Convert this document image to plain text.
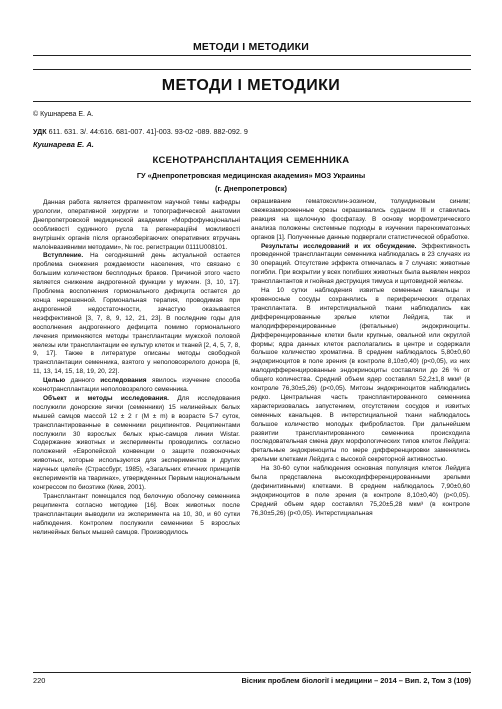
МЕТОДИ І МЕТОДИКИ
МЕТОДИ І МЕТОДИКИ
© Кушнарева Е. А.
УДК 611. 631. 3/. 44:616. 681-007. 41]-003. 93-02 -089. 882-092. 9
Кушнарева Е. А.
КСЕНОТРАНСПЛАНТАЦИЯ СЕМЕННИКА
ГУ «Днепропетровская медицинская академия» МОЗ Украины
(г. Днепропетровск)

Данная работа является фрагментом научной темы кафедры урологии, оперативной хирургии и топографической анатомии Днепропетровской медицинской академии «Морфофункціональні особливості судинного русла та регенераційні можливості внутрішніх органів після органозберігаючих оперативних втручань малоінвазивними методами», № гос. регистрации 0111U008101.

Вступление. На сегодняшний день актуальной остается проблема снижения рождаемости населения, что связано с большим количеством бесплодных браков. Причиной этого часто является снижение андрогенной функции у мужчин. [3, 10, 17]. Проблема восполнения гормонального дефицита остается до конца нерешенной. Гормональная терапия, проводимая при андрогенной недостаточности, зачастую оказывается неэффективной [3, 7, 8, 9, 12, 21, 23]. В последние годы для восполнения андрогенного дефицита помимо гормонального лечения применяются методы трансплантации мужской половой железы или трансплантации ее культур клеток и тканей [2, 4, 5, 7, 8, 9, 17]. Также в литературе описаны методы свободной трансплантации семенника, взятого у неполовозрелого донора [6, 11, 13, 14, 15, 18, 19, 20, 22].

Целью данного исследования явилось изучение способа ксенотрансплантации неполовозрелого семенника.

Объект и методы исследования. Для исследования послужили донорские яички (семенники) 15 нелинейных белых мышей самцов массой 12 ± 2 г (M ± m) в возрасте 5-7 суток, трансплантированные в семенники реципиентов. Реципиентами послужили 30 взрослых белых крыс-самцов линии Wistar. Содержание животных и эксперименты проводились согласно положений «Европейской конвенции о защите позвоночных животных, которые используются для экспериментов и других научных целей» (Страссбург, 1985), «Загальних етичних принципів експериментів на тваринах», утвержденных Первым национальным конгрессом по биоэтике (Киев, 2001).

Трансплантант помещался под белочную оболочку семенника реципиента согласно методике [16]. Всех животных после трансплантации выводили из эксперимента на 10, 30, и 60 сутки наблюдения. Контролем послужили семенники 5 взрослых нелинейных белых мышей самцов. Производилось

окрашивание гематоксилин-эозином, толуидиновым синим; свежезамороженные срезы окрашивались суданом III и ставилась реакция на щелочную фосфатазу. В основу морфометрического анализа положены системные подходы в изучении паренхиматозных органов [1]. Полученные данные подвергали статистической обработке.

Результаты исследований и их обсуждение. Эффективность проведенной трансплантации семенника наблюдалась в 23 случаях из 30 операций. Отсутствие эффекта отмечалась в 7 случаях: животные погибли. При вскрытии у всех погибших животных была выявлен некроз трансплантантов и гнойная деструкция тимуса и щитовидной железы.

На 10 сутки наблюдения извитые семенные канальцы и кровеносные сосуды сохранялись в периферических отделах трансплантата. В интерстициальной ткани наблюдались как дифференцированные зрелые клетки Лейдига, так и малодифференцированные (фетальные) эндокриноциты. Дифференцированные клетки были крупные, овальной или округлой формы; ядра данных клеток располагались в центре и содержали большое количество хроматина. В среднем наблюдалось 5,80±0,60 эндокриноцитов в поле зрения (в контроле 8,10±0,40) (p<0,05), из них малодифференцированные эндокриноциты составляли до 26 % от общего количества. Средний объем ядер составлял 52,2±1,8 мкм³ (в контроле 76,30±5,26) (p<0,05). Митозы эндокриноцитов наблюдались редко. Центральная часть трансплантированного семенника характеризовалась запустением, отсутствием сосудов и извитых семенных канальцев. В интерстициальной ткани наблюдалось большое количество молодых фибробластов. При дальнейшем развитии трансплантированного семенника происходила последовательная смена двух морфологических типов клеток Лейдига: фетальные эндокриноциты по мере дифференцировки заменялись зрелыми клетками Лейдига с высокой секреторной активностью.

На 30-60 сутки наблюдения основная популяция клеток Лейдига была представлена высокодифференцированными зрелыми (дефинитивными) клетками. В среднем наблюдалось 7,90±0,60 эндокриноцитов в поле зрения (в контроле 8,10±0,40) (p<0,05). Средний объем ядер составлял 75,20±5,28 мкм³ (в контроле 76,30±5,26) (p<0,05). Интерстициальная

220	Вісник проблем біології і медицини – 2014 – Вип. 2, Том 3 (109)
